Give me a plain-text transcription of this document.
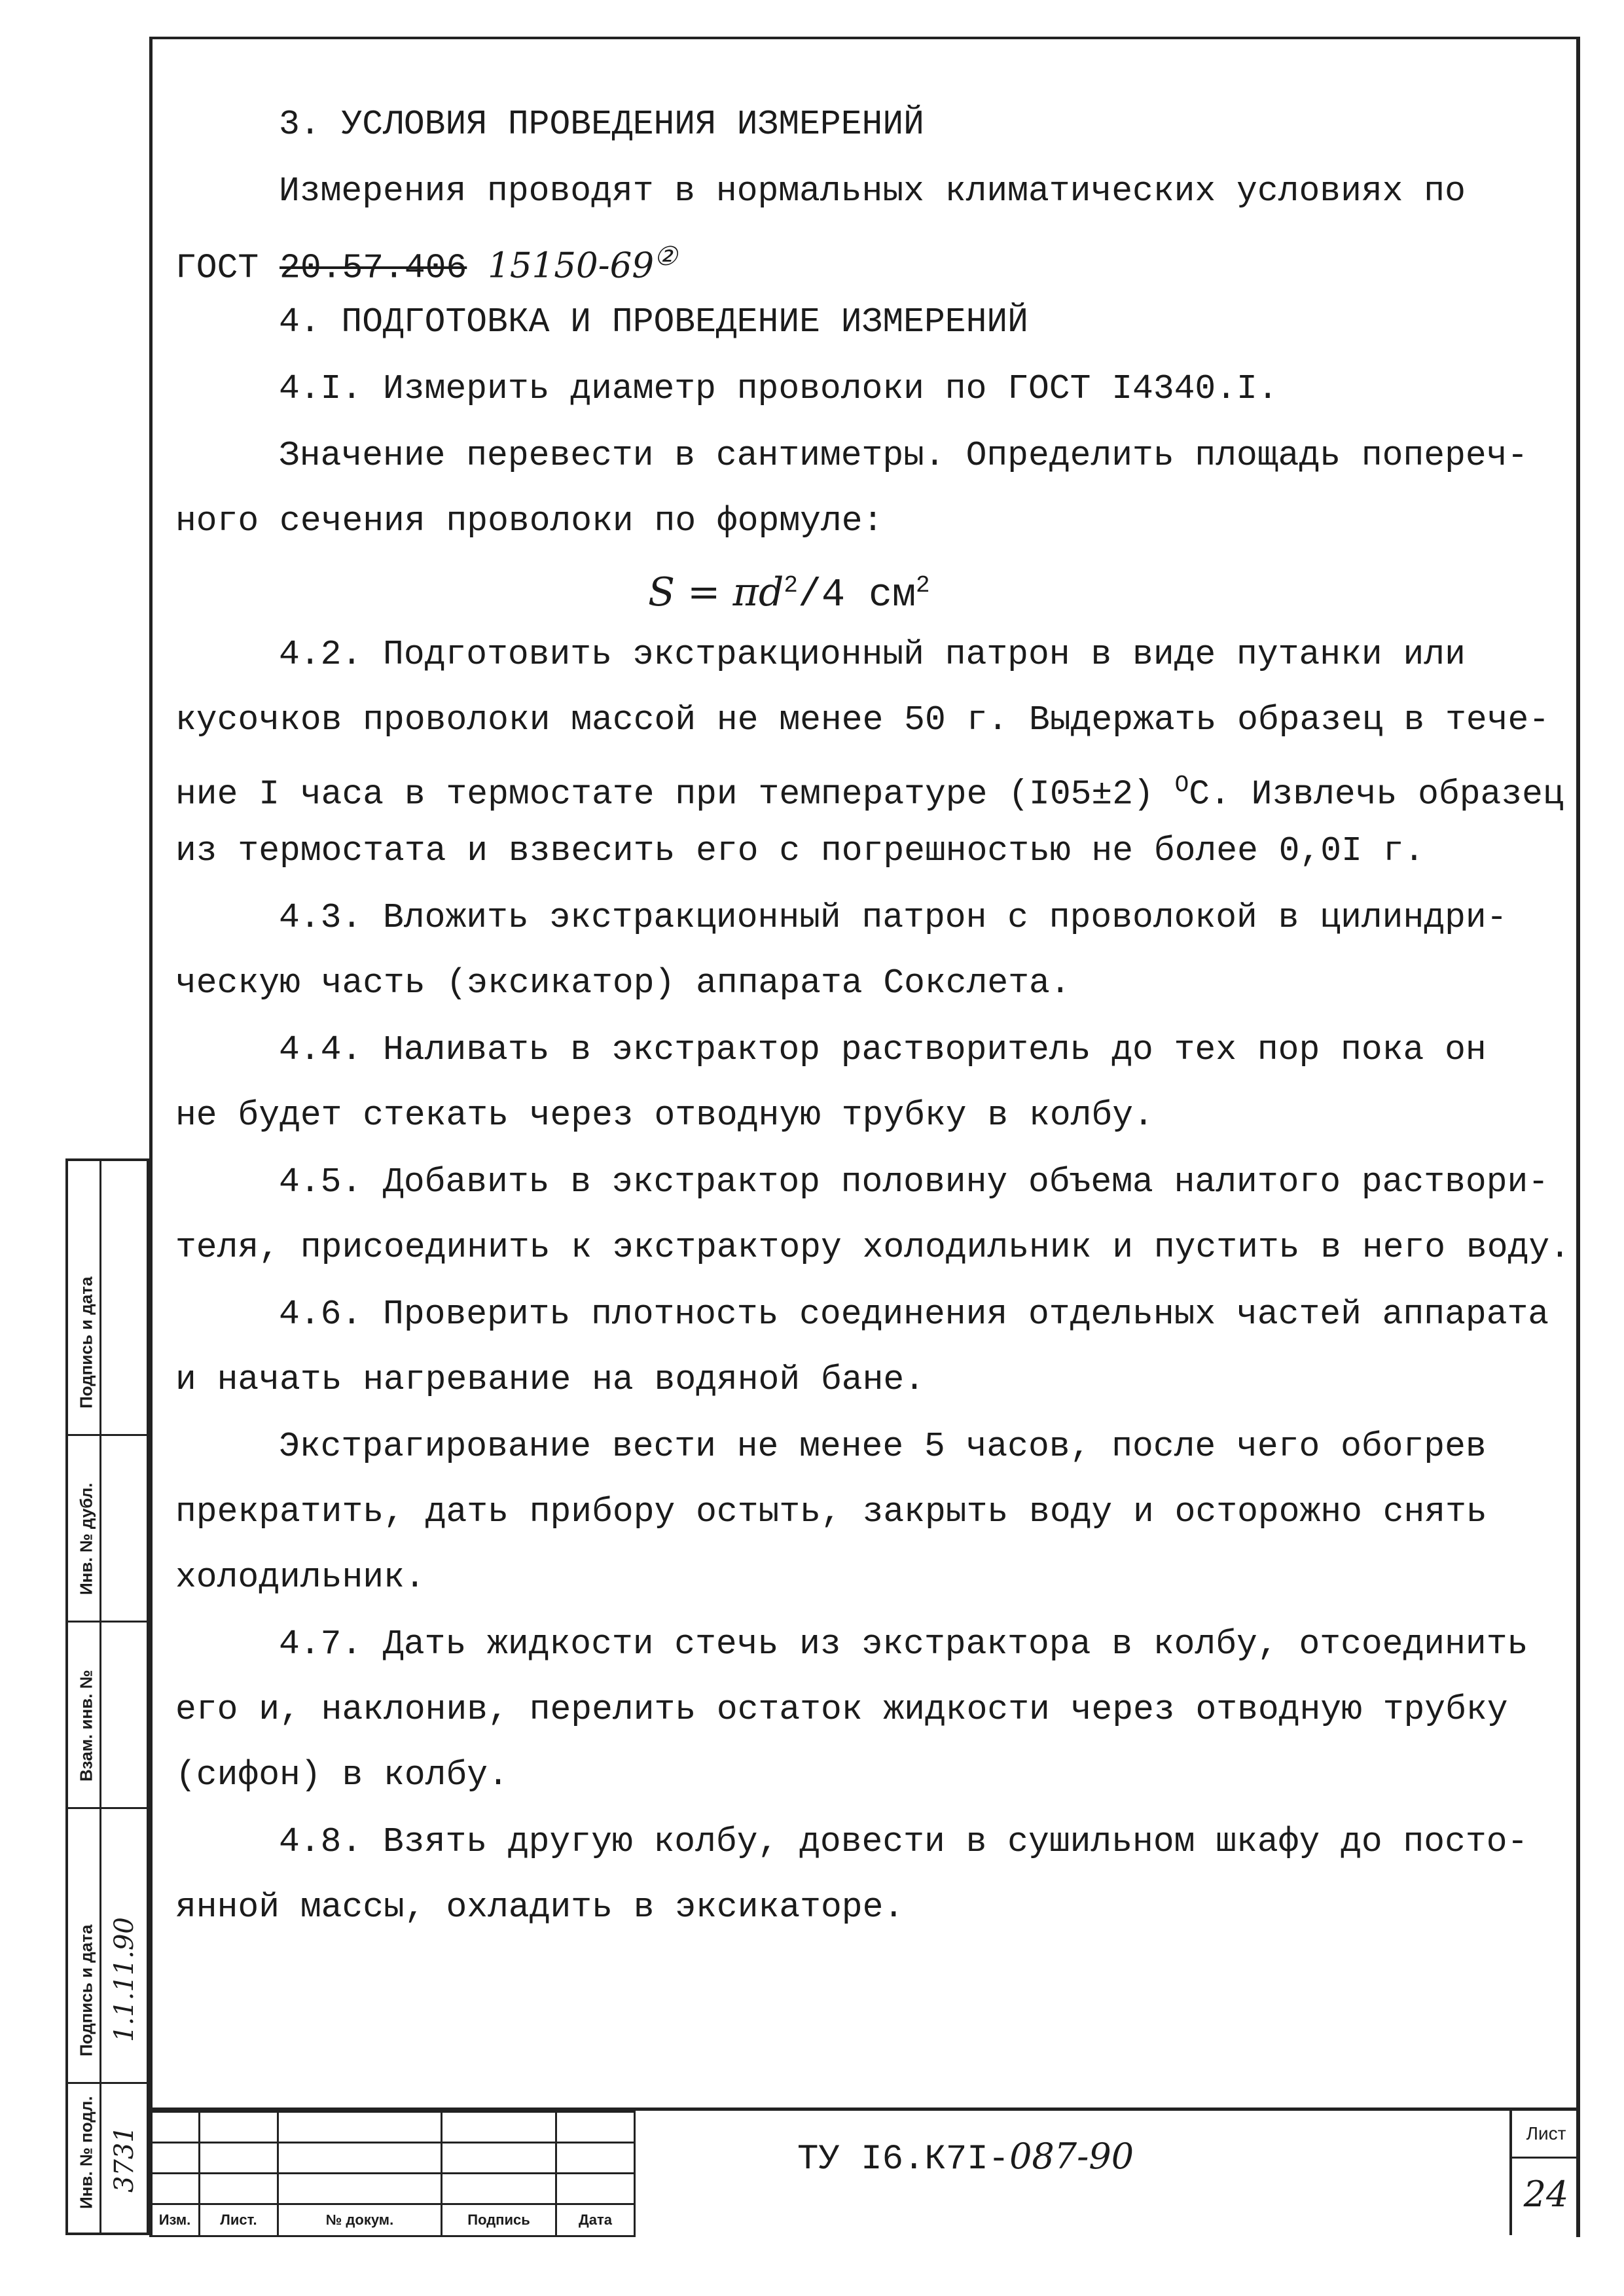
3. УСЛОВИЯ ПРОВЕДЕНИЯ ИЗМЕРЕНИЙ
Измерения проводят в нормальных климатических условиях по
ГОСТ 20.57.406 15150-69②
4. ПОДГОТОВКА И ПРОВЕДЕНИЕ ИЗМЕРЕНИЙ
4.I. Измерить диаметр проволоки по ГОСТ I4340.I.
Значение перевести в сантиметры. Определить площадь попереч-
ного сечения проволоки по формуле:
$S = \pi d^2/4$ $см^2$
4.2. Подготовить экстракционный патрон в виде путанки или
кусочков проволоки массой не менее 50 г. Выдержать образец в тече-
ние I часа в термостате при температуре (I05±2) $^О$С. Извлечь образец
из термостата и взвесить его с погрешностью не более 0,0I г.
4.3. Вложить экстракционный патрон с проволокой в цилиндри-
ческую часть (эксикатор) аппарата Сокслета.
4.4. Наливать в экстрактор растворитель до тех пор пока он
не будет стекать через отводную трубку в колбу.
4.5. Добавить в экстрактор половину объема налитого раствори-
теля, присоединить к экстрактору холодильник и пустить в него воду.
4.6. Проверить плотность соединения отдельных частей аппарата
и начать нагревание на водяной бане.
Экстрагирование вести не менее 5 часов, после чего обогрев
прекратить, дать прибору остыть, закрыть воду и осторожно снять
холодильник.
4.7. Дать жидкости стечь из экстрактора в колбу, отсоединить
его и, наклонив, перелить остаток жидкости через отводную трубку
(сифон) в колбу.
4.8. Взять другую колбу, довести в сушильном шкафу до посто-
янной массы, охладить в эксикаторе.
Подпись и дата
Инв. № дубл.
Взам. инв. №
Подпись и дата 1.1.11.90
Инв. № подл. 3731

Изм.	Лист.	№ докум.	Подпись	Дата
ТУ I6.К7I-087-90
Лист
24
